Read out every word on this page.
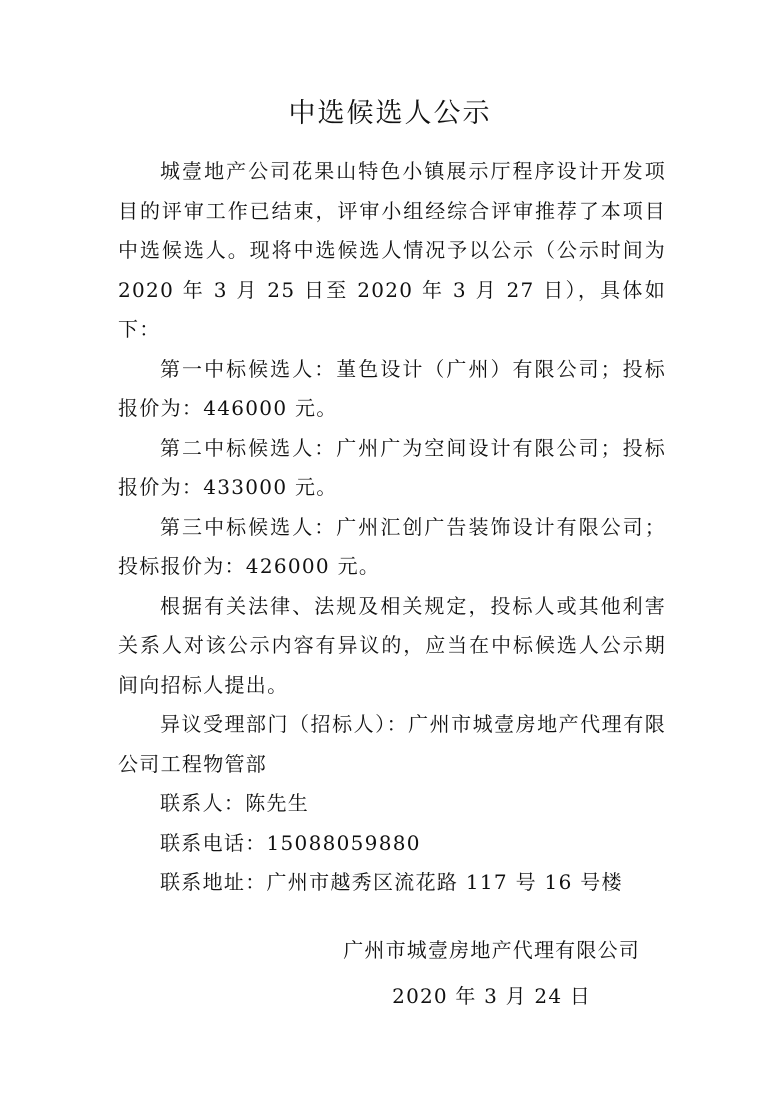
中选候选人公示

城壹地产公司花果山特色小镇展示厅程序设计开发项目的评审工作已结束，评审小组经综合评审推荐了本项目中选候选人。现将中选候选人情况予以公示（公示时间为 2020 年 3 月 25 日至 2020 年 3 月 27 日），具体如下：

第一中标候选人：堇色设计（广州）有限公司；投标报价为：446000 元。

第二中标候选人：广州广为空间设计有限公司；投标报价为：433000 元。

第三中标候选人：广州汇创广告装饰设计有限公司；投标报价为：426000 元。

根据有关法律、法规及相关规定，投标人或其他利害关系人对该公示内容有异议的，应当在中标候选人公示期间向招标人提出。

异议受理部门（招标人）：广州市城壹房地产代理有限公司工程物管部

联系人：陈先生

联系电话：15088059880

联系地址：广州市越秀区流花路 117 号 16 号楼

广州市城壹房地产代理有限公司
2020 年 3 月 24 日
